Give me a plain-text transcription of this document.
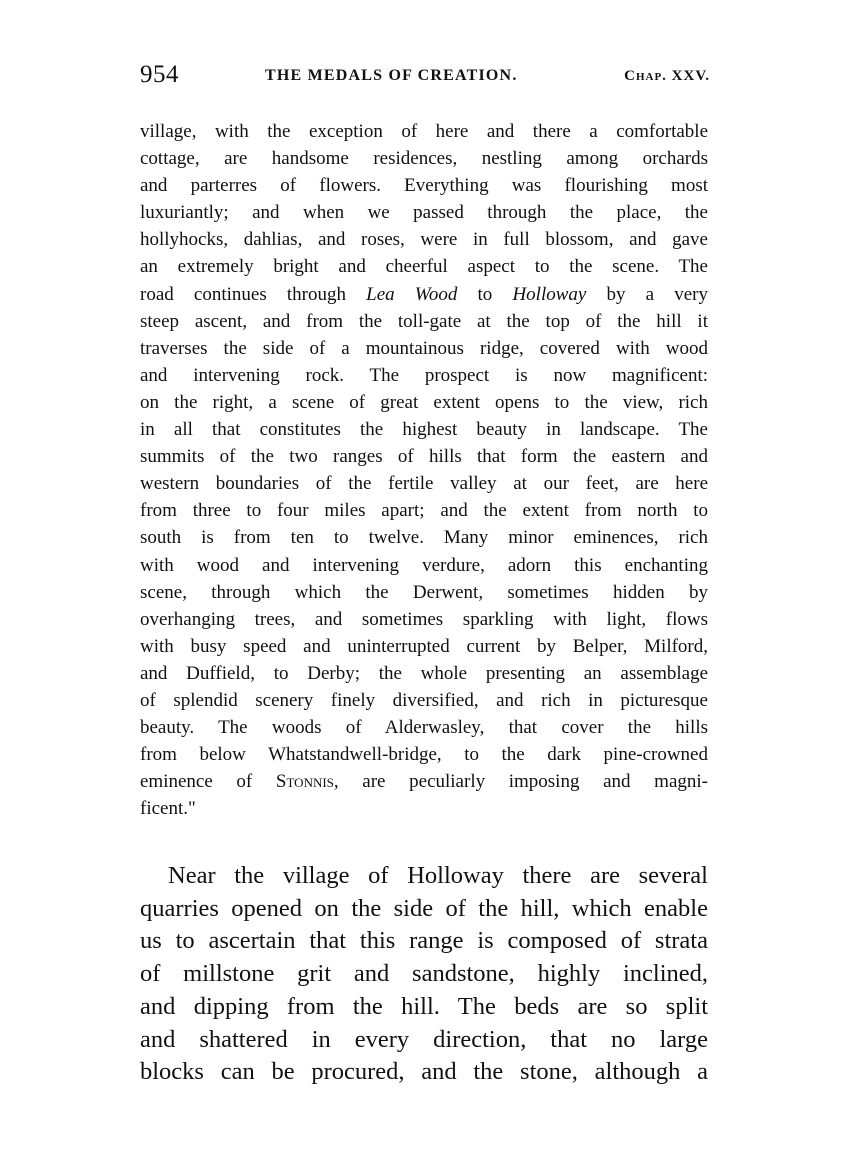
954	THE MEDALS OF CREATION.	Chap. XXV.
village, with the exception of here and there a comfortable
cottage, are handsome residences, nestling among orchards
and parterres of flowers. Everything was flourishing most
luxuriantly; and when we passed through the place, the
hollyhocks, dahlias, and roses, were in full blossom, and gave
an extremely bright and cheerful aspect to the scene. The
road continues through Lea Wood to Holloway by a very
steep ascent, and from the toll-gate at the top of the hill it
traverses the side of a mountainous ridge, covered with wood
and intervening rock. The prospect is now magnificent:
on the right, a scene of great extent opens to the view, rich
in all that constitutes the highest beauty in landscape. The
summits of the two ranges of hills that form the eastern and
western boundaries of the fertile valley at our feet, are here
from three to four miles apart; and the extent from north to
south is from ten to twelve. Many minor eminences, rich
with wood and intervening verdure, adorn this enchanting
scene, through which the Derwent, sometimes hidden by
overhanging trees, and sometimes sparkling with light, flows
with busy speed and uninterrupted current by Belper, Milford,
and Duffield, to Derby; the whole presenting an assemblage
of splendid scenery finely diversified, and rich in picturesque
beauty. The woods of Alderwasley, that cover the hills
from below Whatstandwell-bridge, to the dark pine-crowned
eminence of Stonnis, are peculiarly imposing and magni-
ficent."
Near the village of Holloway there are several
quarries opened on the side of the hill, which enable
us to ascertain that this range is composed of strata
of millstone grit and sandstone, highly inclined,
and dipping from the hill. The beds are so split
and shattered in every direction, that no large
blocks can be procured, and the stone, although a
